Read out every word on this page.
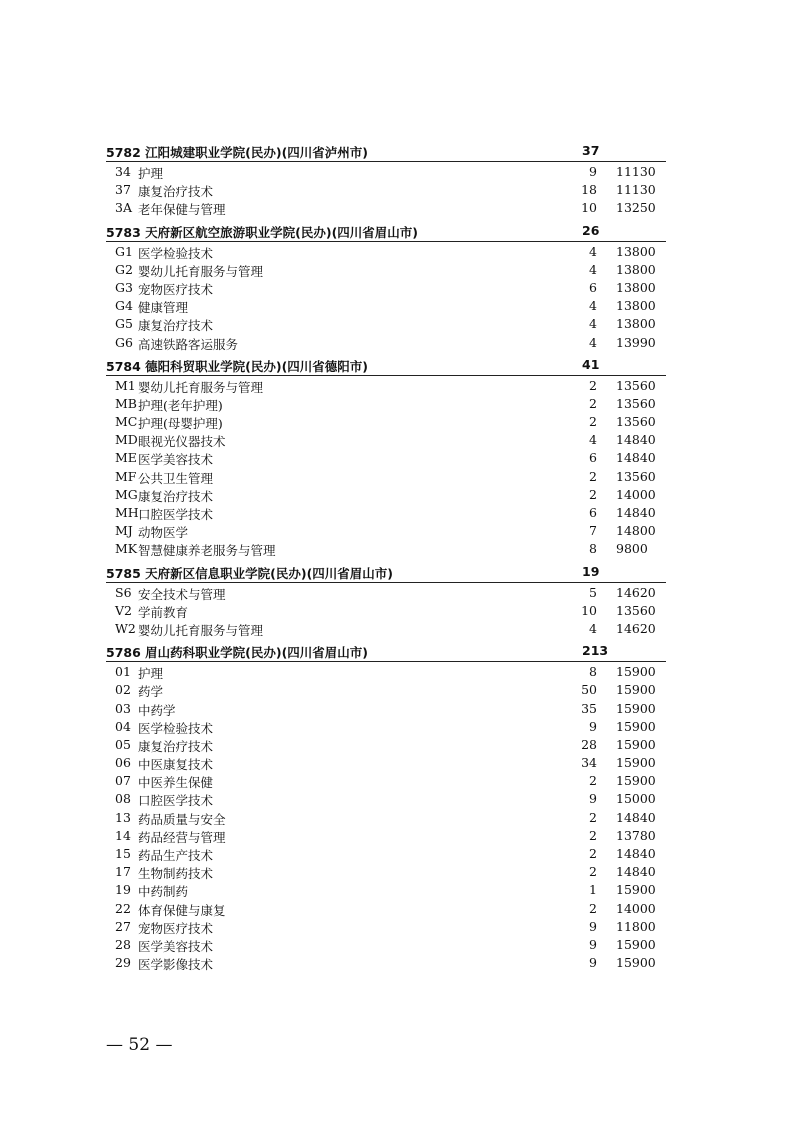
5782 江阳城建职业学院(民办)(四川省泸州市)	37
34 护理	9 11130
37 康复治疗技术	18 11130
3A 老年保健与管理	10 13250
5783 天府新区航空旅游职业学院(民办)(四川省眉山市)	26
G1 医学检验技术	4 13800
G2 婴幼儿托育服务与管理	4 13800
G3 宠物医疗技术	6 13800
G4 健康管理	4 13800
G5 康复治疗技术	4 13800
G6 高速铁路客运服务	4 13990
5784 德阳科贸职业学院(民办)(四川省德阳市)	41
M1 婴幼儿托育服务与管理	2 13560
MB 护理(老年护理)	2 13560
MC 护理(母婴护理)	2 13560
MD 眼视光仪器技术	4 14840
ME 医学美容技术	6 14840
MF 公共卫生管理	2 13560
MG 康复治疗技术	2 14000
MH 口腔医学技术	6 14840
MJ 动物医学	7 14800
MK 智慧健康养老服务与管理	8 9800
5785 天府新区信息职业学院(民办)(四川省眉山市)	19
S6 安全技术与管理	5 14620
V2 学前教育	10 13560
W2 婴幼儿托育服务与管理	4 14620
5786 眉山药科职业学院(民办)(四川省眉山市)	213
01 护理	8 15900
02 药学	50 15900
03 中药学	35 15900
04 医学检验技术	9 15900
05 康复治疗技术	28 15900
06 中医康复技术	34 15900
07 中医养生保健	2 15900
08 口腔医学技术	9 15000
13 药品质量与安全	2 14840
14 药品经营与管理	2 13780
15 药品生产技术	2 14840
17 生物制药技术	2 14840
19 中药制药	1 15900
22 体育保健与康复	2 14000
27 宠物医疗技术	9 11800
28 医学美容技术	9 15900
29 医学影像技术	9 15900
— 52 —
